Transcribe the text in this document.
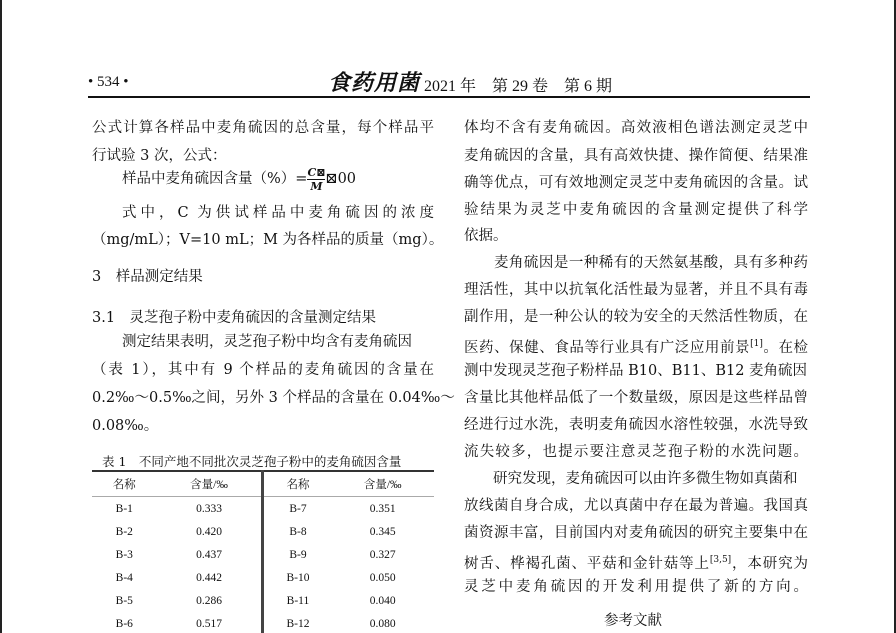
• 534 •	食药用菌 2021 年　第 29 卷　第 6 期
公式计算各样品中麦角硫因的总含量，每个样品平
行试验 3 次，公式：
样品中麦角硫因含量（%）= $\frac{C⊠}{M}$ ⊠00
式中，C 为供试样品中麦角硫因的浓度
（mg/mL）；V=10 mL；M 为各样品的质量（mg）。
3　样品测定结果
3.1　灵芝孢子粉中麦角硫因的含量测定结果
测定结果表明，灵芝孢子粉中均含有麦角硫因
（表 1），其中有 9 个样品的麦角硫因的含量在
0.2‰～0.5‰之间，另外 3 个样品的含量在 0.04‰～
0.08‰。
表 1　不同产地不同批次灵芝孢子粉中的麦角硫因含量
名称	含量/‰	名称	含量/‰
B-1	0.333	B-7	0.351
B-2	0.420	B-8	0.345
B-3	0.437	B-9	0.327
B-4	0.442	B-10	0.050
B-5	0.286	B-11	0.040
B-6	0.517	B-12	0.080
体均不含有麦角硫因。高效液相色谱法测定灵芝中
麦角硫因的含量，具有高效快捷、操作简便、结果准
确等优点，可有效地测定灵芝中麦角硫因的含量。试
验结果为灵芝中麦角硫因的含量测定提供了科学
依据。
　　麦角硫因是一种稀有的天然氨基酸，具有多种药
理活性，其中以抗氧化活性最为显著，并且不具有毒
副作用，是一种公认的较为安全的天然活性物质，在
医药、保健、食品等行业具有广泛应用前景[1]。在检
测中发现灵芝孢子粉样品 B10、B11、B12 麦角硫因
含量比其他样品低了一个数量级，原因是这些样品曾
经进行过水洗，表明麦角硫因水溶性较强，水洗导致
流失较多，也提示要注意灵芝孢子粉的水洗问题。
　　研究发现，麦角硫因可以由许多微生物如真菌和
放线菌自身合成，尤以真菌中存在最为普遍。我国真
菌资源丰富，目前国内对麦角硫因的研究主要集中在
树舌、桦褐孔菌、平菇和金针菇等上[3,5]，本研究为
灵芝中麦角硫因的开发利用提供了新的方向。
参考文献
